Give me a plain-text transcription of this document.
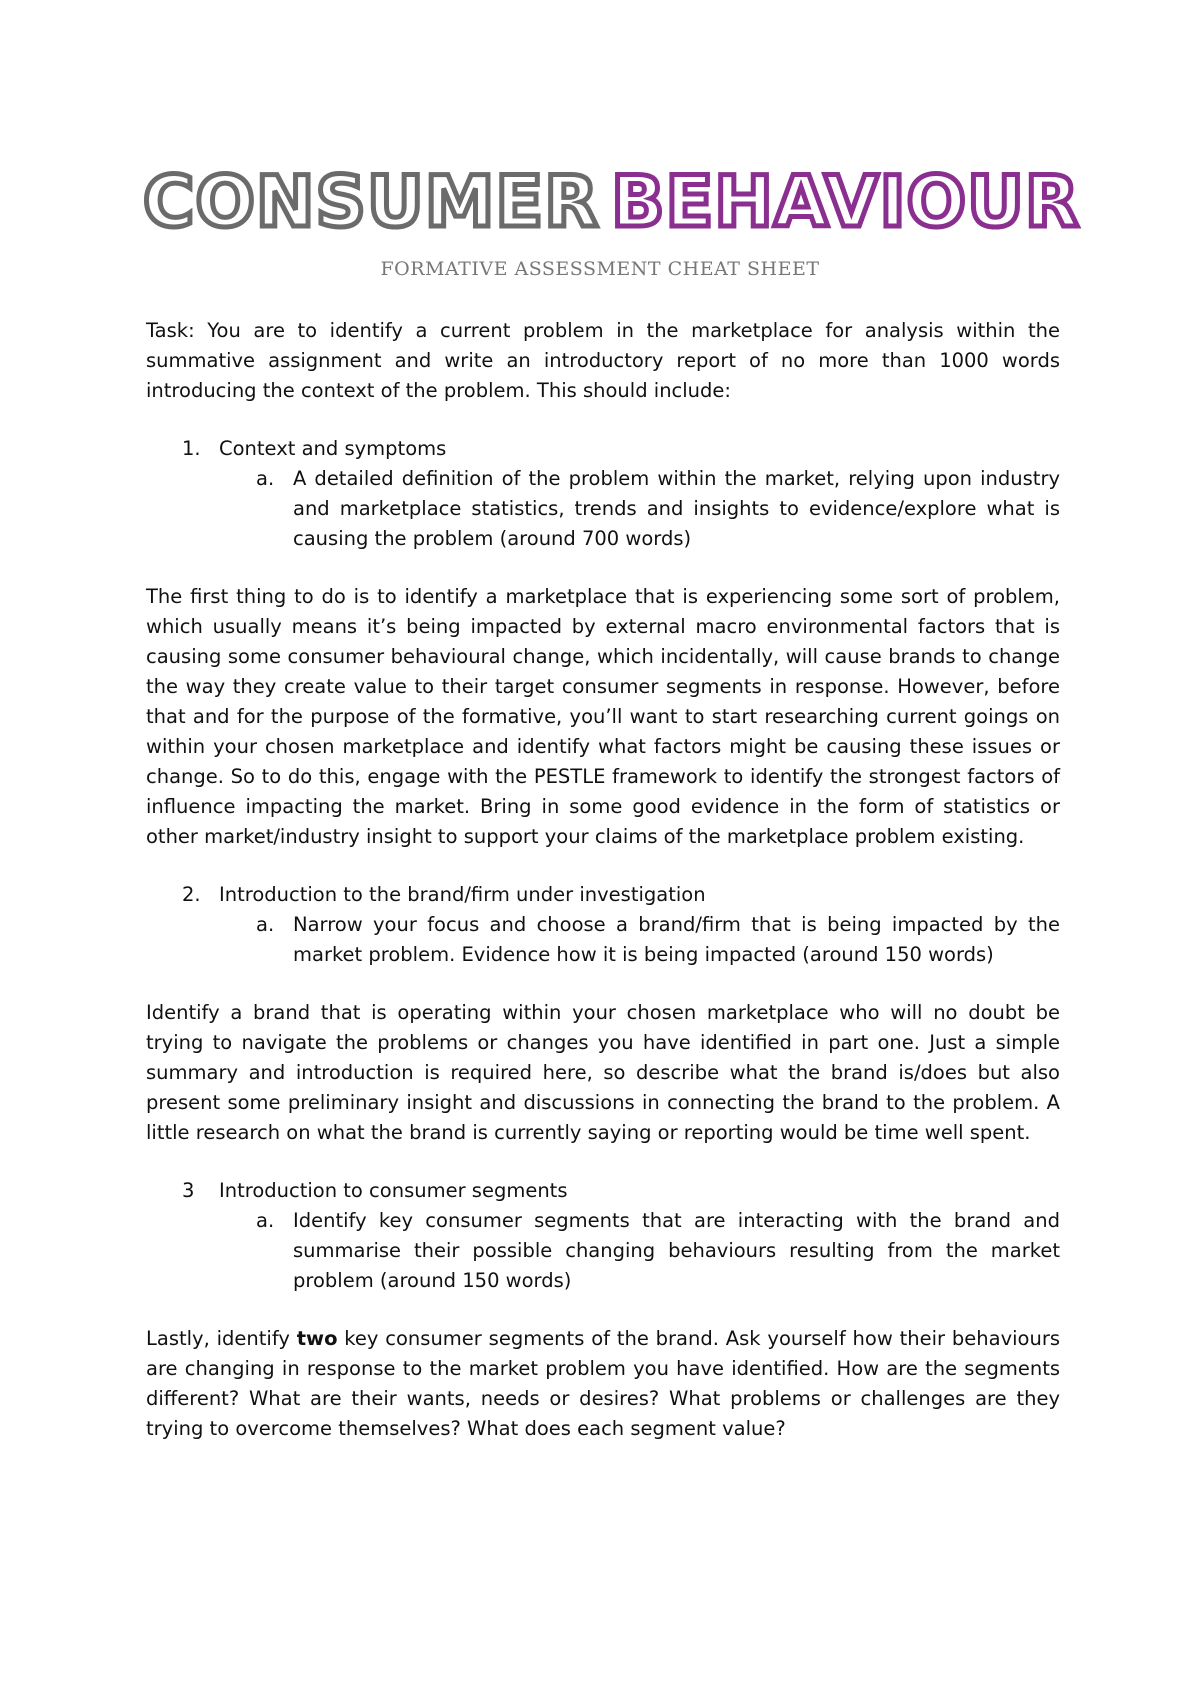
CONSUMER BEHAVIOUR
FORMATIVE ASSESSMENT CHEAT SHEET

Task: You are to identify a current problem in the marketplace for analysis within the summative assignment and write an introductory report of no more than 1000 words introducing the context of the problem. This should include:

1. Context and symptoms

a. A detailed definition of the problem within the market, relying upon industry and marketplace statistics, trends and insights to evidence/explore what is causing the problem (around 700 words)

The first thing to do is to identify a marketplace that is experiencing some sort of problem, which usually means it’s being impacted by external macro environmental factors that is causing some consumer behavioural change, which incidentally, will cause brands to change the way they create value to their target consumer segments in response. However, before that and for the purpose of the formative, you’ll want to start researching current goings on within your chosen marketplace and identify what factors might be causing these issues or change. So to do this, engage with the PESTLE framework to identify the strongest factors of influence impacting the market. Bring in some good evidence in the form of statistics or other market/industry insight to support your claims of the marketplace problem existing.

2. Introduction to the brand/firm under investigation

a. Narrow your focus and choose a brand/firm that is being impacted by the market problem. Evidence how it is being impacted (around 150 words)

Identify a brand that is operating within your chosen marketplace who will no doubt be trying to navigate the problems or changes you have identified in part one. Just a simple summary and introduction is required here, so describe what the brand is/does but also present some preliminary insight and discussions in connecting the brand to the problem. A little research on what the brand is currently saying or reporting would be time well spent.

3 Introduction to consumer segments

a. Identify key consumer segments that are interacting with the brand and summarise their possible changing behaviours resulting from the market problem (around 150 words)

Lastly, identify two key consumer segments of the brand. Ask yourself how their behaviours are changing in response to the market problem you have identified. How are the segments different? What are their wants, needs or desires? What problems or challenges are they trying to overcome themselves? What does each segment value?
